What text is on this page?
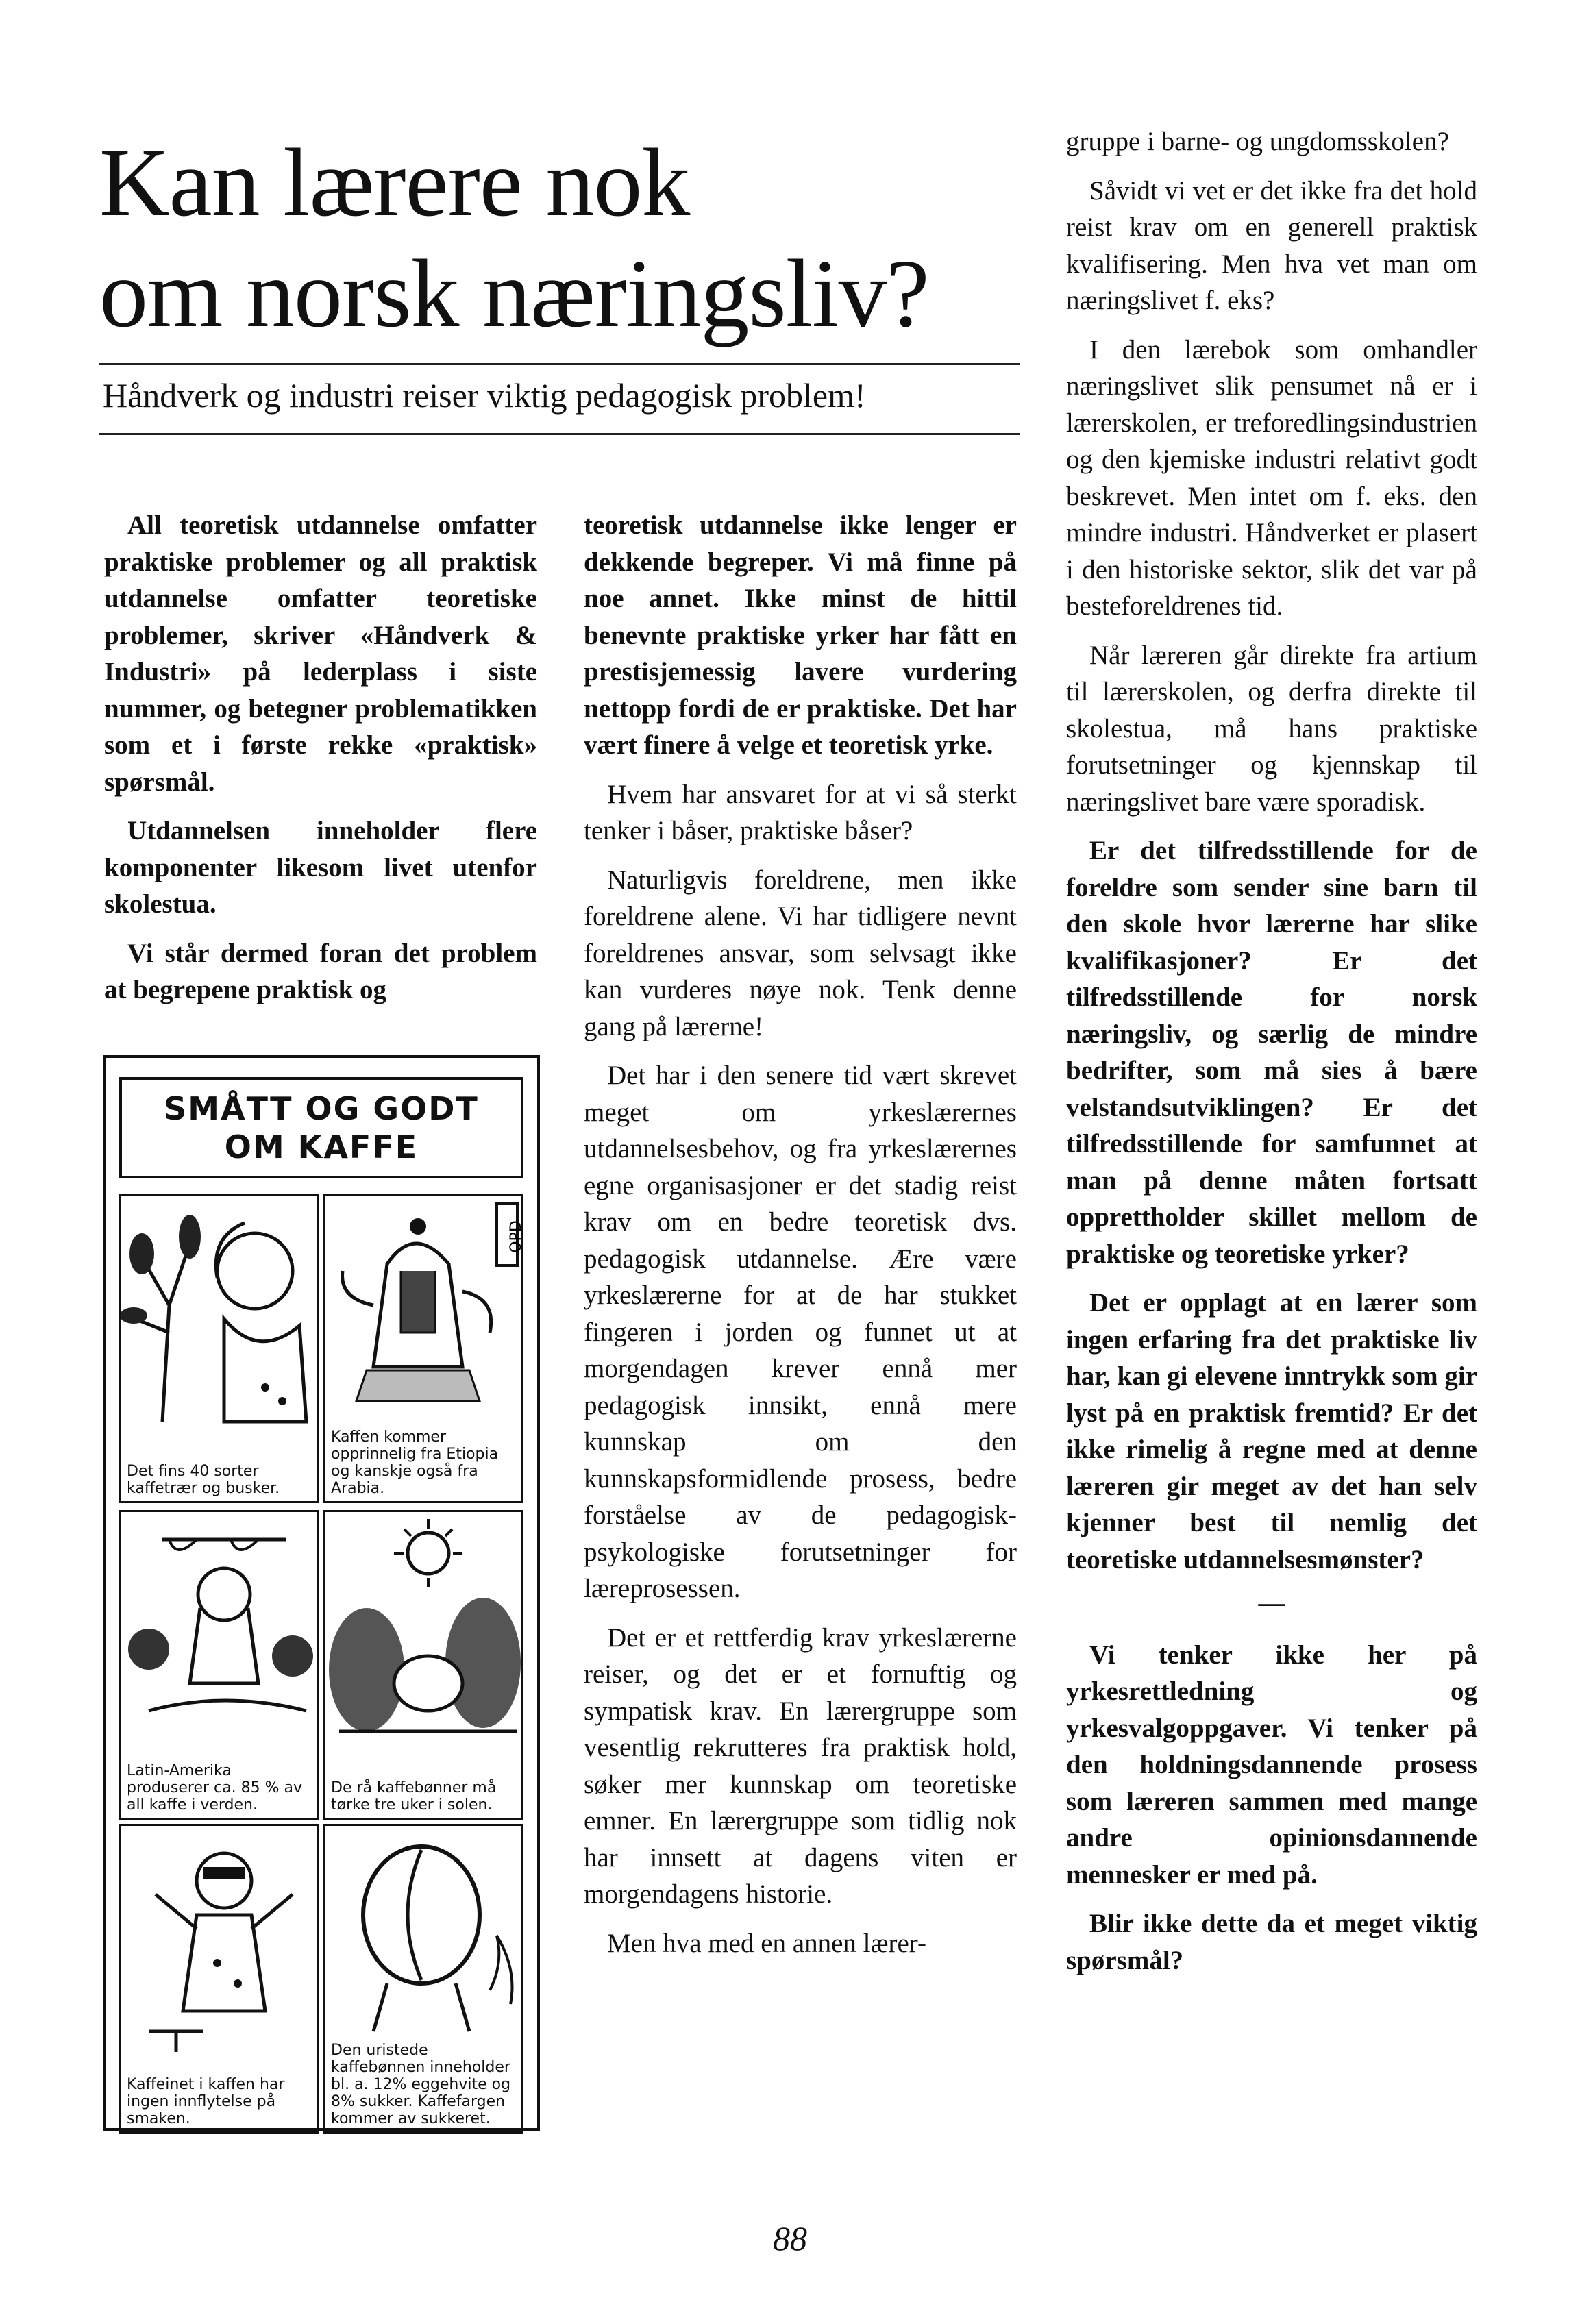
Kan lærere nok
om norsk næringsliv?
Håndverk og industri reiser viktig pedagogisk problem!

All teoretisk utdannelse omfatter praktiske problemer og all praktisk utdannelse omfatter teoretiske problemer, skriver «Håndverk & Industri» på lederplass i siste nummer, og betegner problematikken som et i første rekke «praktisk» spørsmål.

Utdannelsen inneholder flere komponenter likesom livet utenfor skolestua.

Vi står dermed foran det problem at begrepene praktisk og

SMÅTT OG GODT
OM KAFFE
Det fins 40 sorter kaffetrær og busker.
OPD
Kaffen kommer opprinnelig fra Etiopia og kanskje også fra Arabia.
Latin-Amerika produserer ca. 85 % av all kaffe i verden.
De rå kaffebønner må tørke tre uker i solen.
Kaffeinet i kaffen har ingen innflytelse på smaken.
Den uristede kaffebønnen inneholder bl. a. 12% eggehvite og 8% sukker. Kaffefargen kommer av sukkeret.

teoretisk utdannelse ikke lenger er dekkende begreper. Vi må finne på noe annet. Ikke minst de hittil benevnte praktiske yrker har fått en prestisjemessig lavere vurdering nettopp fordi de er praktiske. Det har vært finere å velge et teoretisk yrke.

Hvem har ansvaret for at vi så sterkt tenker i båser, praktiske båser?

Naturligvis foreldrene, men ikke foreldrene alene. Vi har tidligere nevnt foreldrenes ansvar, som selvsagt ikke kan vurderes nøye nok. Tenk denne gang på lærerne!

Det har i den senere tid vært skrevet meget om yrkeslærernes utdannelsesbehov, og fra yrkeslærernes egne organisasjoner er det stadig reist krav om en bedre teoretisk dvs. pedagogisk utdannelse. Ære være yrkeslærerne for at de har stukket fingeren i jorden og funnet ut at morgendagen krever ennå mer pedagogisk innsikt, ennå mere kunnskap om den kunnskapsformidlende prosess, bedre forståelse av de pedagogisk-psykologiske forutsetninger for læreprosessen.

Det er et rettferdig krav yrkeslærerne reiser, og det er et fornuftig og sympatisk krav. En lærergruppe som vesentlig rekrutteres fra praktisk hold, søker mer kunnskap om teoretiske emner. En lærergruppe som tidlig nok har innsett at dagens viten er morgendagens historie.

Men hva med en annen lærer-

gruppe i barne- og ungdomsskolen?

Såvidt vi vet er det ikke fra det hold reist krav om en generell praktisk kvalifisering. Men hva vet man om næringslivet f. eks?

I den lærebok som omhandler næringslivet slik pensumet nå er i lærerskolen, er treforedlingsindustrien og den kjemiske industri relativt godt beskrevet. Men intet om f. eks. den mindre industri. Håndverket er plasert i den historiske sektor, slik det var på besteforeldrenes tid.

Når læreren går direkte fra artium til lærerskolen, og derfra direkte til skolestua, må hans praktiske forutsetninger og kjennskap til næringslivet bare være sporadisk.

Er det tilfredsstillende for de foreldre som sender sine barn til den skole hvor lærerne har slike kvalifikasjoner? Er det tilfredsstillende for norsk næringsliv, og særlig de mindre bedrifter, som må sies å bære velstandsutviklingen? Er det tilfredsstillende for samfunnet at man på denne måten fortsatt opprettholder skillet mellom de praktiske og teoretiske yrker?

Det er opplagt at en lærer som ingen erfaring fra det praktiske liv har, kan gi elevene inntrykk som gir lyst på en praktisk fremtid? Er det ikke rimelig å regne med at denne læreren gir meget av det han selv kjenner best til nemlig det teoretiske utdannelsesmønster?

—

Vi tenker ikke her på yrkesrettledning og yrkesvalgoppgaver. Vi tenker på den holdningsdannende prosess som læreren sammen med mange andre opinionsdannende mennesker er med på.

Blir ikke dette da et meget viktig spørsmål?

88
